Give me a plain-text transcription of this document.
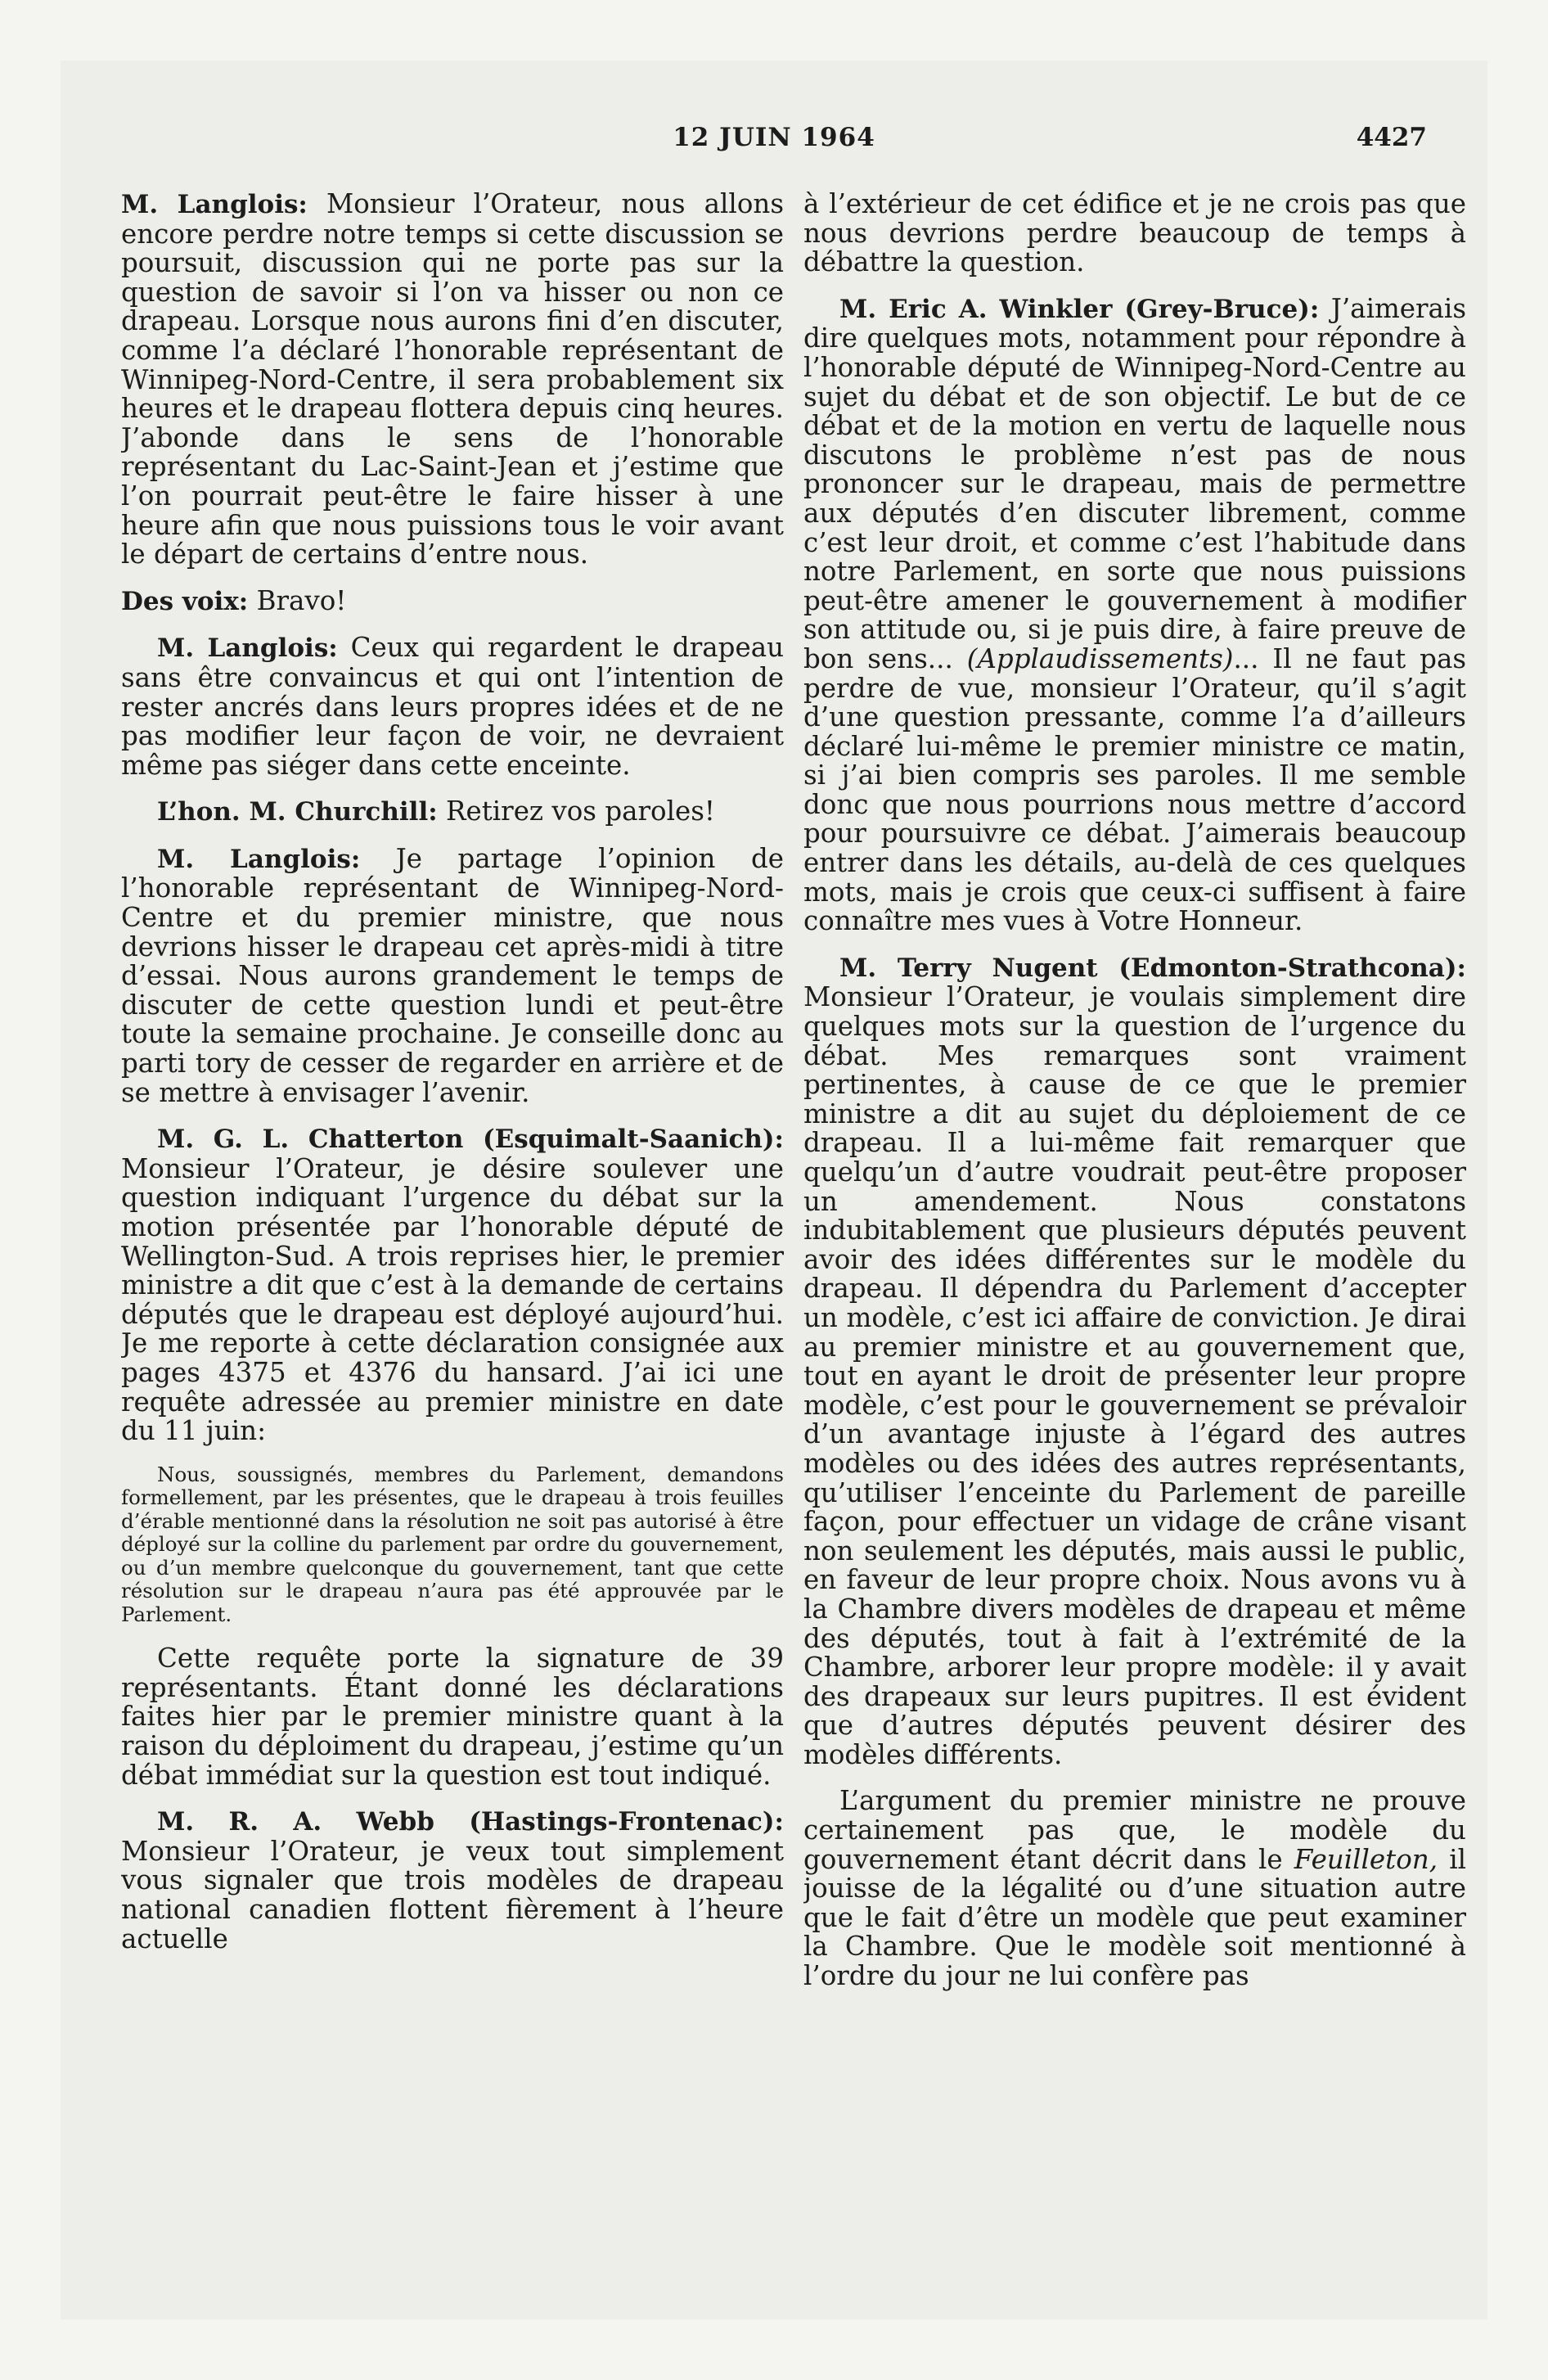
12 JUIN 1964	4427

M. Langlois: Monsieur l’Orateur, nous allons encore perdre notre temps si cette discussion se poursuit, discussion qui ne porte pas sur la question de savoir si l’on va hisser ou non ce drapeau. Lorsque nous aurons fini d’en discuter, comme l’a déclaré l’honorable représentant de Winnipeg-Nord-Centre, il sera probablement six heures et le drapeau flottera depuis cinq heures. J’abonde dans le sens de l’honorable représentant du Lac-Saint-Jean et j’estime que l’on pourrait peut-être le faire hisser à une heure afin que nous puissions tous le voir avant le départ de certains d’entre nous.

Des voix: Bravo!

M. Langlois: Ceux qui regardent le drapeau sans être convaincus et qui ont l’intention de rester ancrés dans leurs propres idées et de ne pas modifier leur façon de voir, ne devraient même pas siéger dans cette enceinte.

L’hon. M. Churchill: Retirez vos paroles!

M. Langlois: Je partage l’opinion de l’honorable représentant de Winnipeg-Nord-Centre et du premier ministre, que nous devrions hisser le drapeau cet après-midi à titre d’essai. Nous aurons grandement le temps de discuter de cette question lundi et peut-être toute la semaine prochaine. Je conseille donc au parti tory de cesser de regarder en arrière et de se mettre à envisager l’avenir.

M. G. L. Chatterton (Esquimalt-Saanich): Monsieur l’Orateur, je désire soulever une question indiquant l’urgence du débat sur la motion présentée par l’honorable député de Wellington-Sud. A trois reprises hier, le premier ministre a dit que c’est à la demande de certains députés que le drapeau est déployé aujourd’hui. Je me reporte à cette déclaration consignée aux pages 4375 et 4376 du hansard. J’ai ici une requête adressée au premier ministre en date du 11 juin:

Nous, soussignés, membres du Parlement, demandons formellement, par les présentes, que le drapeau à trois feuilles d’érable mentionné dans la résolution ne soit pas autorisé à être déployé sur la colline du parlement par ordre du gouvernement, ou d’un membre quelconque du gouvernement, tant que cette résolution sur le drapeau n’aura pas été approuvée par le Parlement.

Cette requête porte la signature de 39 représentants. Étant donné les déclarations faites hier par le premier ministre quant à la raison du déploiment du drapeau, j’estime qu’un débat immédiat sur la question est tout indiqué.

M. R. A. Webb (Hastings-Frontenac): Monsieur l’Orateur, je veux tout simplement vous signaler que trois modèles de drapeau national canadien flottent fièrement à l’heure actuelle

à l’extérieur de cet édifice et je ne crois pas que nous devrions perdre beaucoup de temps à débattre la question.

M. Eric A. Winkler (Grey-Bruce): J’aimerais dire quelques mots, notamment pour répondre à l’honorable député de Winnipeg-Nord-Centre au sujet du débat et de son objectif. Le but de ce débat et de la motion en vertu de laquelle nous discutons le problème n’est pas de nous prononcer sur le drapeau, mais de permettre aux députés d’en discuter librement, comme c’est leur droit, et comme c’est l’habitude dans notre Parlement, en sorte que nous puissions peut-être amener le gouvernement à modifier son attitude ou, si je puis dire, à faire preuve de bon sens... (Applaudissements)... Il ne faut pas perdre de vue, monsieur l’Orateur, qu’il s’agit d’une question pressante, comme l’a d’ailleurs déclaré lui-même le premier ministre ce matin, si j’ai bien compris ses paroles. Il me semble donc que nous pourrions nous mettre d’accord pour poursuivre ce débat. J’aimerais beaucoup entrer dans les détails, au-delà de ces quelques mots, mais je crois que ceux-ci suffisent à faire connaître mes vues à Votre Honneur.

M. Terry Nugent (Edmonton-Strathcona): Monsieur l’Orateur, je voulais simplement dire quelques mots sur la question de l’urgence du débat. Mes remarques sont vraiment pertinentes, à cause de ce que le premier ministre a dit au sujet du déploiement de ce drapeau. Il a lui-même fait remarquer que quelqu’un d’autre voudrait peut-être proposer un amendement. Nous constatons indubitablement que plusieurs députés peuvent avoir des idées différentes sur le modèle du drapeau. Il dépendra du Parlement d’accepter un modèle, c’est ici affaire de conviction. Je dirai au premier ministre et au gouvernement que, tout en ayant le droit de présenter leur propre modèle, c’est pour le gouvernement se prévaloir d’un avantage injuste à l’égard des autres modèles ou des idées des autres représentants, qu’utiliser l’enceinte du Parlement de pareille façon, pour effectuer un vidage de crâne visant non seulement les députés, mais aussi le public, en faveur de leur propre choix. Nous avons vu à la Chambre divers modèles de drapeau et même des députés, tout à fait à l’extrémité de la Chambre, arborer leur propre modèle: il y avait des drapeaux sur leurs pupitres. Il est évident que d’autres députés peuvent désirer des modèles différents.

L’argument du premier ministre ne prouve certainement pas que, le modèle du gouvernement étant décrit dans le Feuilleton, il jouisse de la légalité ou d’une situation autre que le fait d’être un modèle que peut examiner la Chambre. Que le modèle soit mentionné à l’ordre du jour ne lui confère pas
